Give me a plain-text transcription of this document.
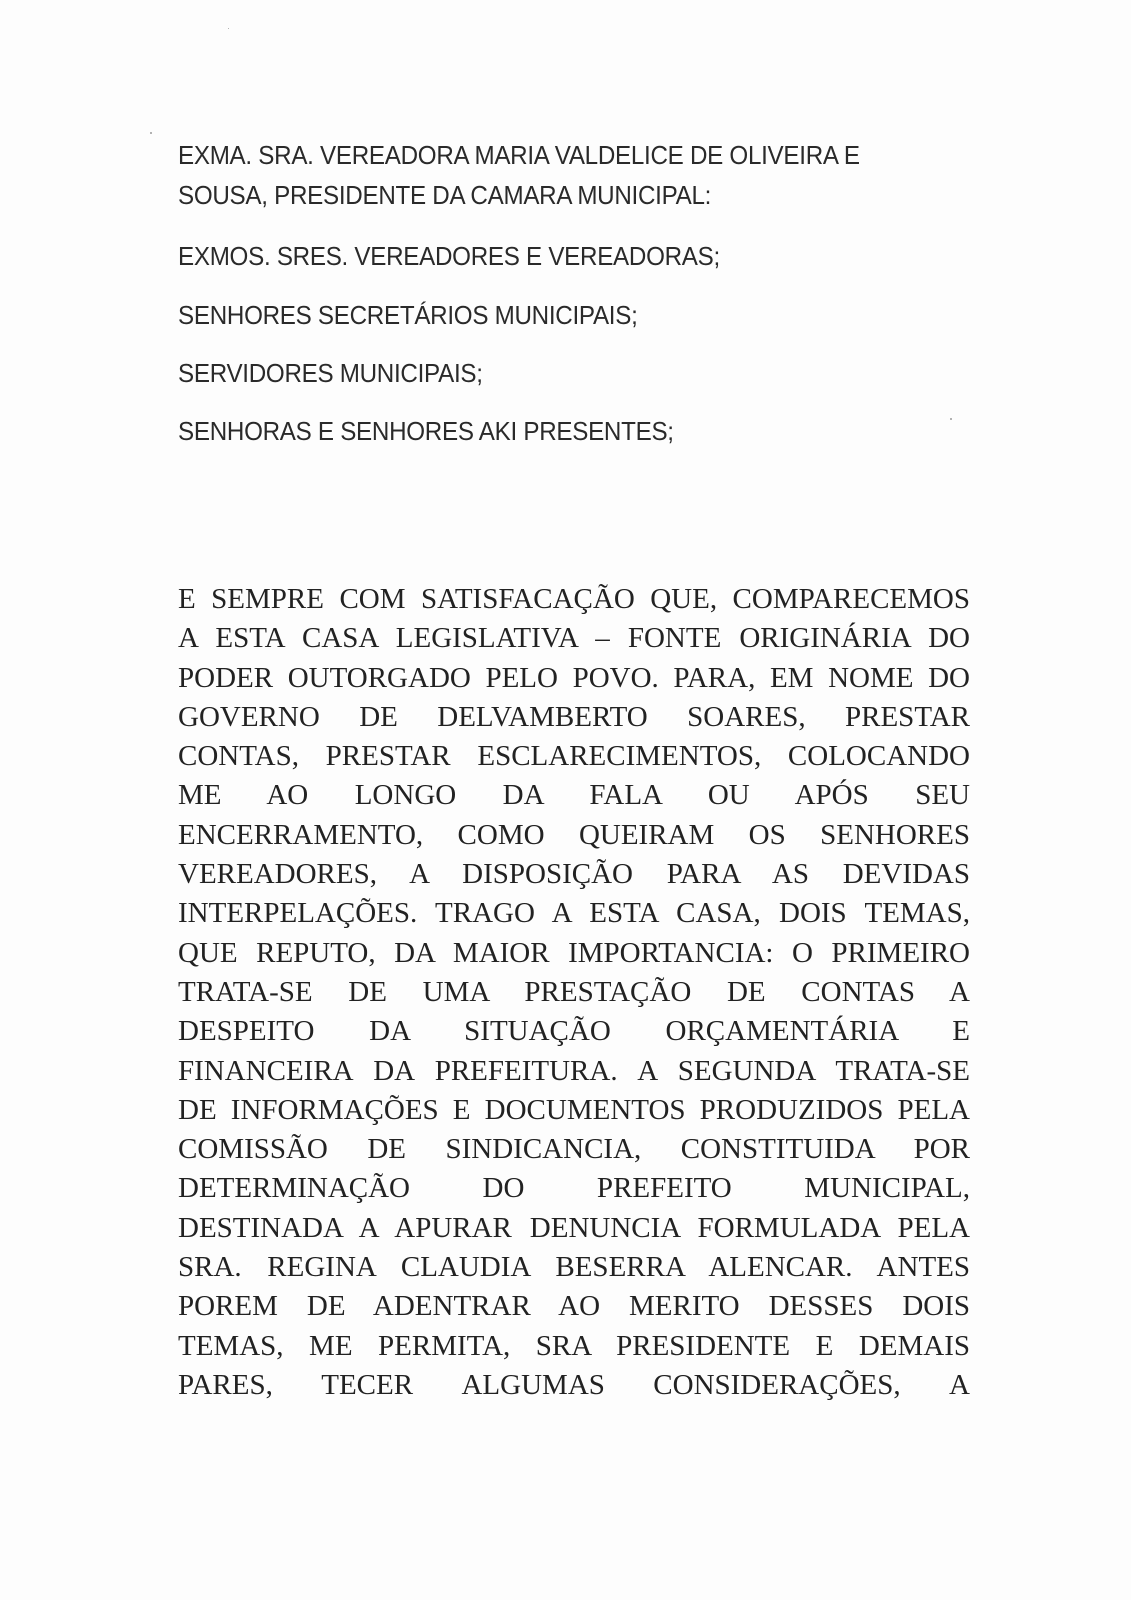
EXMA. SRA. VEREADORA MARIA VALDELICE DE OLIVEIRA E
SOUSA, PRESIDENTE DA CAMARA MUNICIPAL:
EXMOS. SRES. VEREADORES E VEREADORAS;
SENHORES SECRETÁRIOS MUNICIPAIS;
SERVIDORES MUNICIPAIS;
SENHORAS E SENHORES AKI PRESENTES;
E SEMPRE COM SATISFACAÇÃO QUE, COMPARECEMOS
A ESTA CASA LEGISLATIVA – FONTE ORIGINÁRIA DO
PODER OUTORGADO PELO POVO. PARA, EM NOME DO
GOVERNO DE DELVAMBERTO SOARES, PRESTAR
CONTAS, PRESTAR ESCLARECIMENTOS, COLOCANDO
ME AO LONGO DA FALA OU APÓS SEU
ENCERRAMENTO, COMO QUEIRAM OS SENHORES
VEREADORES, A DISPOSIÇÃO PARA AS DEVIDAS
INTERPELAÇÕES. TRAGO A ESTA CASA, DOIS TEMAS,
QUE REPUTO, DA MAIOR IMPORTANCIA: O PRIMEIRO
TRATA-SE DE UMA PRESTAÇÃO DE CONTAS A
DESPEITO DA SITUAÇÃO ORÇAMENTÁRIA E
FINANCEIRA DA PREFEITURA. A SEGUNDA TRATA-SE
DE INFORMAÇÕES E DOCUMENTOS PRODUZIDOS PELA
COMISSÃO DE SINDICANCIA, CONSTITUIDA POR
DETERMINAÇÃO DO PREFEITO MUNICIPAL,
DESTINADA A APURAR DENUNCIA FORMULADA PELA
SRA. REGINA CLAUDIA BESERRA ALENCAR. ANTES
POREM DE ADENTRAR AO MERITO DESSES DOIS
TEMAS, ME PERMITA, SRA PRESIDENTE E DEMAIS
PARES, TECER ALGUMAS CONSIDERAÇÕES, A
